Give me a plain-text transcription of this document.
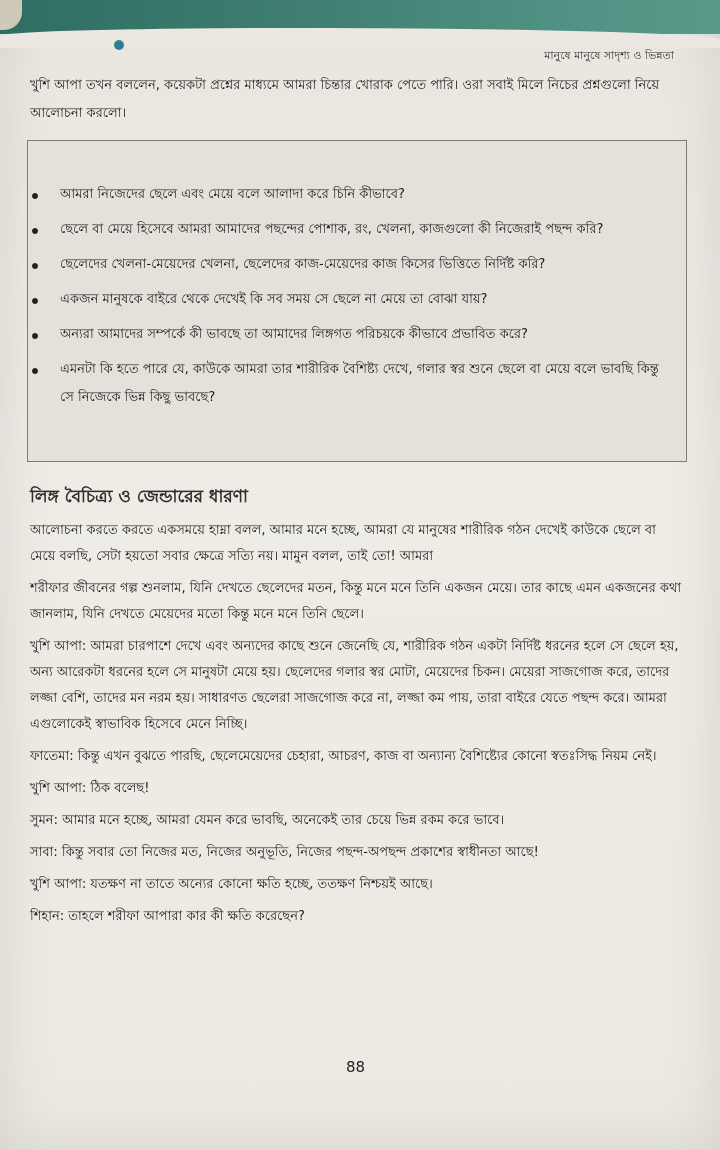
মানুষে মানুষে সাদৃশ্য ও ভিন্নতা
খুশি আপা তখন বললেন, কয়েকটা প্রশ্নের মাধ্যমে আমরা চিন্তার খোরাক পেতে পারি। ওরা সবাই মিলে নিচের প্রশ্নগুলো নিয়ে আলোচনা করলো।
আমরা নিজেদের ছেলে এবং মেয়ে বলে আলাদা করে চিনি কীভাবে?
ছেলে বা মেয়ে হিসেবে আমরা আমাদের পছন্দের পোশাক, রং, খেলনা, কাজগুলো কী নিজেরাই পছন্দ করি?
ছেলেদের খেলনা-মেয়েদের খেলনা, ছেলেদের কাজ-মেয়েদের কাজ কিসের ভিত্তিতে নির্দিষ্ট করি?
একজন মানুষকে বাইরে থেকে দেখেই কি সব সময় সে ছেলে না মেয়ে তা বোঝা যায়?
অন্যরা আমাদের সম্পর্কে কী ভাবছে তা আমাদের লিঙ্গগত পরিচয়কে কীভাবে প্রভাবিত করে?
এমনটা কি হতে পারে যে, কাউকে আমরা তার শারীরিক বৈশিষ্ট্য দেখে, গলার স্বর শুনে ছেলে বা মেয়ে বলে ভাবছি কিন্তু সে নিজেকে ভিন্ন কিছু ভাবছে?
লিঙ্গ বৈচিত্র্য ও জেন্ডারের ধারণা

আলোচনা করতে করতে একসময়ে হাম্না বলল, আমার মনে হচ্ছে, আমরা যে মানুষের শারীরিক গঠন দেখেই কাউকে ছেলে বা মেয়ে বলছি, সেটা হয়তো সবার ক্ষেত্রে সত্যি নয়। মামুন বলল, তাই তো! আমরা

শরীফার জীবনের গল্প শুনলাম, যিনি দেখতে ছেলেদের মতন, কিন্তু মনে মনে তিনি একজন মেয়ে। তার কাছে এমন একজনের কথা জানলাম, যিনি দেখতে মেয়েদের মতো কিন্তু মনে মনে তিনি ছেলে।

খুশি আপা: আমরা চারপাশে দেখে এবং অন্যদের কাছে শুনে জেনেছি যে, শারীরিক গঠন একটা নির্দিষ্ট ধরনের হলে সে ছেলে হয়, অন্য আরেকটা ধরনের হলে সে মানুষটা মেয়ে হয়। ছেলেদের গলার স্বর মোটা, মেয়েদের চিকন। মেয়েরা সাজগোজ করে, তাদের লজ্জা বেশি, তাদের মন নরম হয়। সাধারণত ছেলেরা সাজগোজ করে না, লজ্জা কম পায়, তারা বাইরে যেতে পছন্দ করে। আমরা এগুলোকেই স্বাভাবিক হিসেবে মেনে নিচ্ছি।

ফাতেমা: কিন্তু এখন বুঝতে পারছি, ছেলেমেয়েদের চেহারা, আচরণ, কাজ বা অন্যান্য বৈশিষ্ট্যের কোনো স্বতঃসিদ্ধ নিয়ম নেই।

খুশি আপা: ঠিক বলেছ!

সুমন: আমার মনে হচ্ছে, আমরা যেমন করে ভাবছি, অনেকেই তার চেয়ে ভিন্ন রকম করে ভাবে।

সাবা: কিন্তু সবার তো নিজের মত, নিজের অনুভূতি, নিজের পছন্দ-অপছন্দ প্রকাশের স্বাধীনতা আছে!

খুশি আপা: যতক্ষণ না তাতে অন্যের কোনো ক্ষতি হচ্ছে, ততক্ষণ নিশ্চয়ই আছে।

শিহান: তাহলে শরীফা আপারা কার কী ক্ষতি করেছেন?

88
